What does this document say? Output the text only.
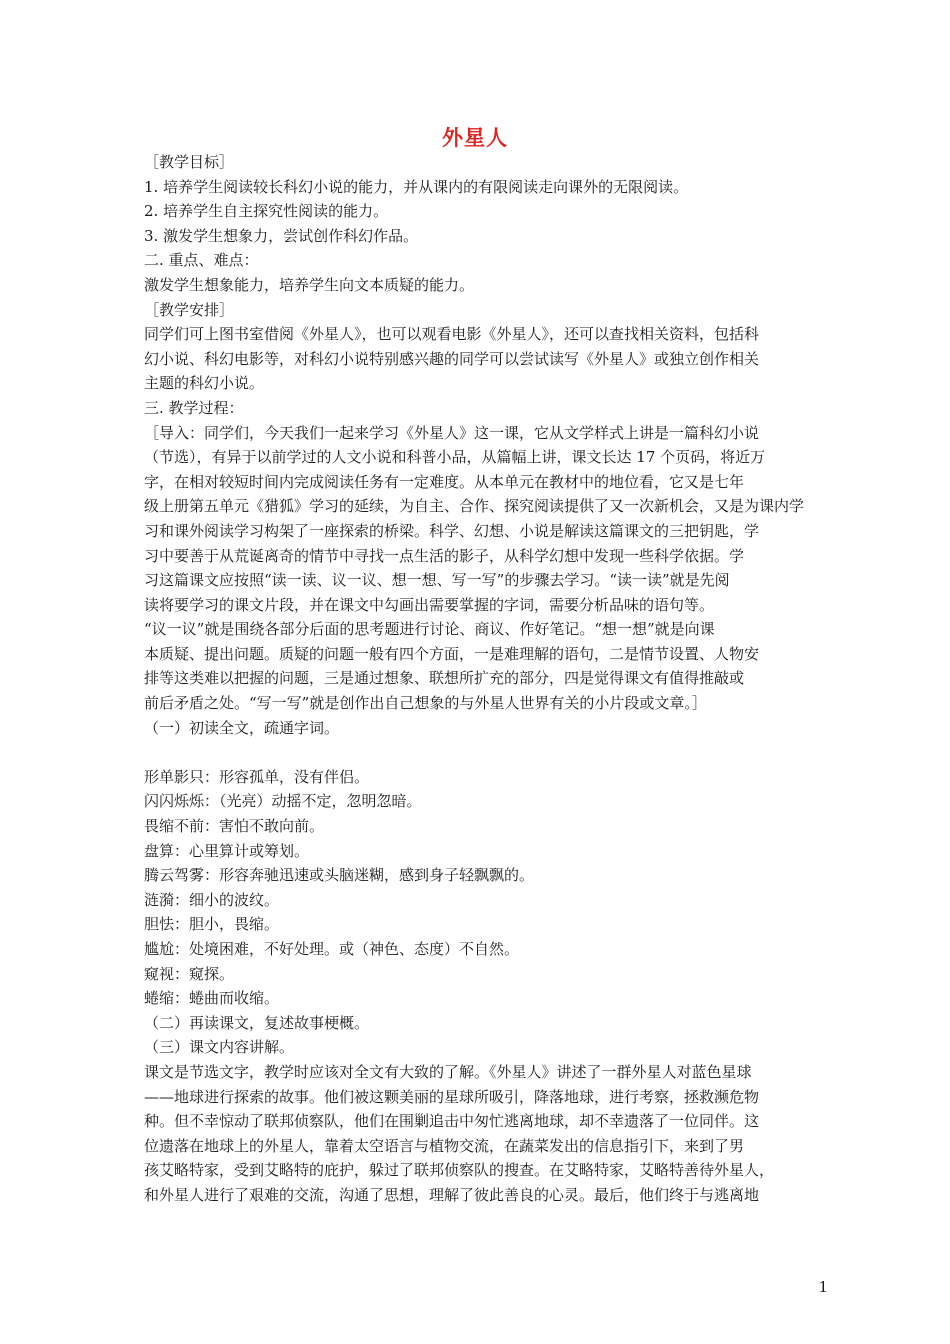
外星人
［教学目标］
1. 培养学生阅读较长科幻小说的能力，并从课内的有限阅读走向课外的无限阅读。
2. 培养学生自主探究性阅读的能力。
3. 激发学生想象力，尝试创作科幻作品。
二. 重点、难点：
激发学生想象能力，培养学生向文本质疑的能力。
［教学安排］
同学们可上图书室借阅《外星人》，也可以观看电影《外星人》，还可以查找相关资料，包括科
幻小说、科幻电影等，对科幻小说特别感兴趣的同学可以尝试读写《外星人》或独立创作相关
主题的科幻小说。
三. 教学过程：
［导入：同学们，今天我们一起来学习《外星人》这一课，它从文学样式上讲是一篇科幻小说
（节选），有异于以前学过的人文小说和科普小品，从篇幅上讲，课文长达 17 个页码，将近万
字，在相对较短时间内完成阅读任务有一定难度。从本单元在教材中的地位看，它又是七年
级上册第五单元《猎狐》学习的延续，为自主、合作、探究阅读提供了又一次新机会，又是为课内学
习和课外阅读学习构架了一座探索的桥梁。科学、幻想、小说是解读这篇课文的三把钥匙，学
习中要善于从荒诞离奇的情节中寻找一点生活的影子，从科学幻想中发现一些科学依据。学
习这篇课文应按照“读一读、议一议、想一想、写一写”的步骤去学习。“读一读”就是先阅
读将要学习的课文片段，并在课文中勾画出需要掌握的字词，需要分析品味的语句等。
“议一议”就是围绕各部分后面的思考题进行讨论、商议、作好笔记。“想一想”就是向课
本质疑、提出问题。质疑的问题一般有四个方面，一是难理解的语句，二是情节设置、人物安
排等这类难以把握的问题，三是通过想象、联想所扩充的部分，四是觉得课文有值得推敲或
前后矛盾之处。“写一写”就是创作出自己想象的与外星人世界有关的小片段或文章。］
（一）初读全文，疏通字词。
形单影只：形容孤单，没有伴侣。
闪闪烁烁：（光亮）动摇不定，忽明忽暗。
畏缩不前：害怕不敢向前。
盘算：心里算计或筹划。
腾云驾雾：形容奔驰迅速或头脑迷糊，感到身子轻飘飘的。
涟漪：细小的波纹。
胆怯：胆小，畏缩。
尴尬：处境困难，不好处理。或（神色、态度）不自然。
窥视：窥探。
蜷缩：蜷曲而收缩。
（二）再读课文，复述故事梗概。
（三）课文内容讲解。
课文是节选文字，教学时应该对全文有大致的了解。《外星人》讲述了一群外星人对蓝色星球
——地球进行探索的故事。他们被这颗美丽的星球所吸引，降落地球，进行考察，拯救濒危物
种。但不幸惊动了联邦侦察队，他们在围剿追击中匆忙逃离地球，却不幸遗落了一位同伴。这
位遗落在地球上的外星人，靠着太空语言与植物交流，在蔬菜发出的信息指引下，来到了男
孩艾略特家，受到艾略特的庇护，躲过了联邦侦察队的搜查。在艾略特家，艾略特善待外星人，
和外星人进行了艰难的交流，沟通了思想，理解了彼此善良的心灵。最后，他们终于与逃离地
1
